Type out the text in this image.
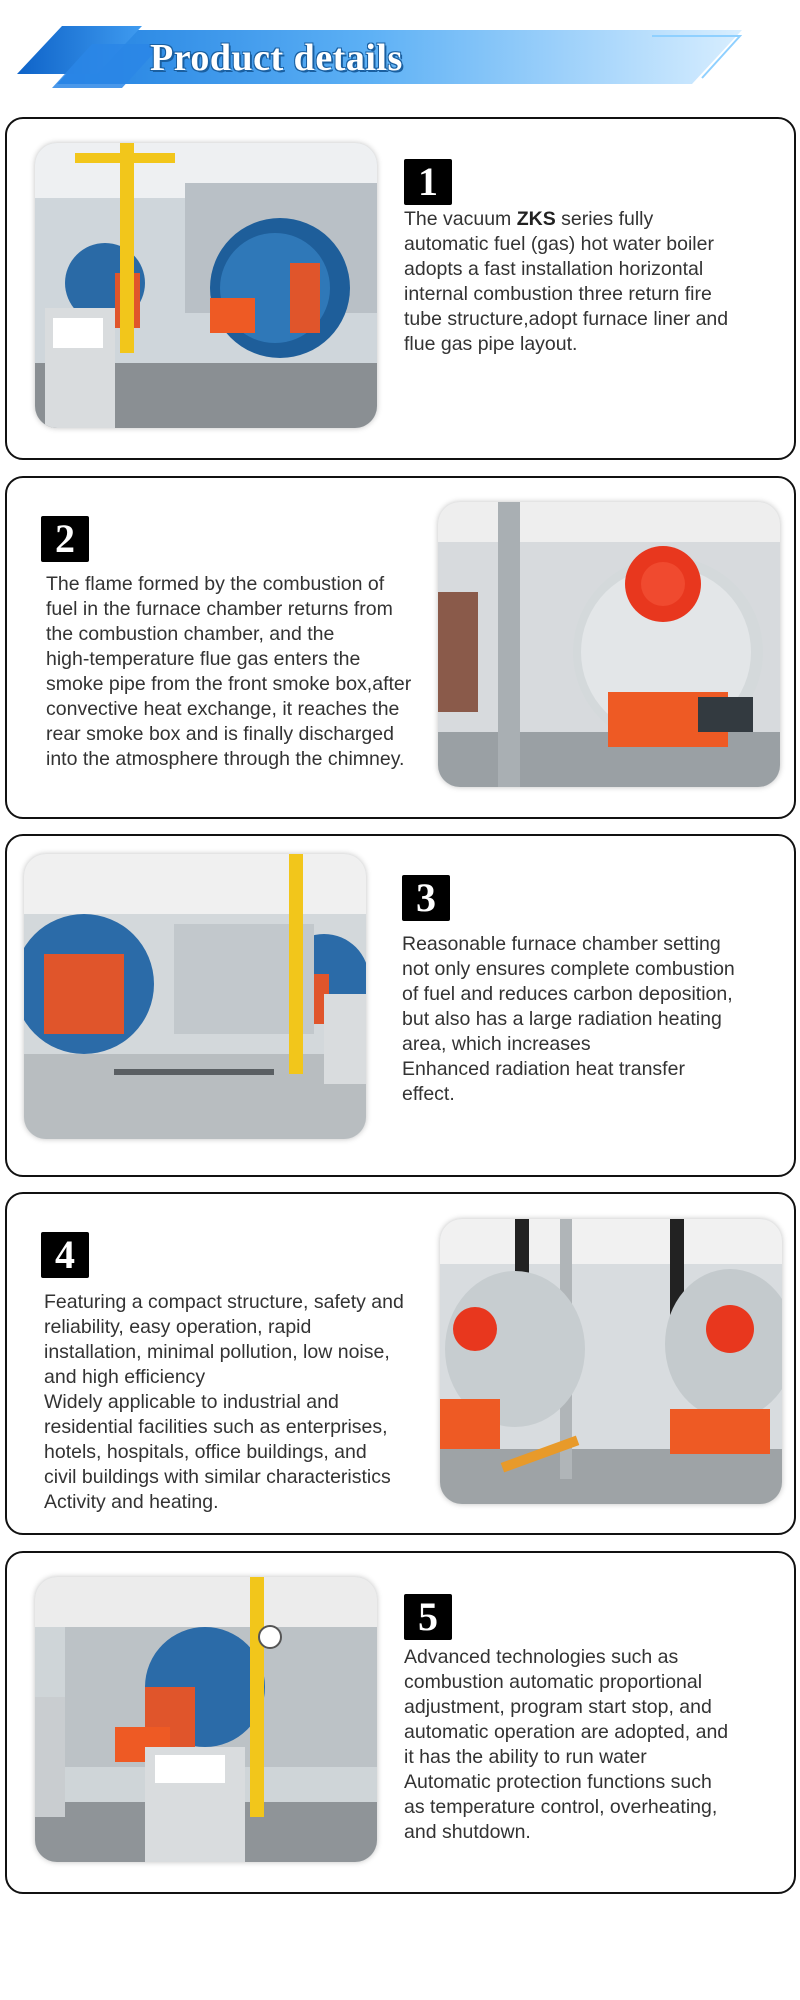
Product details
1
The vacuum ZKS series fully
automatic fuel (gas) hot water boiler
adopts a fast installation horizontal
internal combustion three return fire
tube structure,adopt furnace liner and
flue gas pipe layout.
2
The flame formed by the combustion of
fuel in the furnace chamber returns from
the combustion chamber, and the
high-temperature flue gas enters the
smoke pipe from the front smoke box,after
convective heat exchange, it reaches the
rear smoke box and is finally discharged
into the atmosphere through the chimney.
3
Reasonable furnace chamber setting
not only ensures complete combustion
of fuel and reduces carbon deposition,
but also has a large radiation heating
area, which increases
Enhanced radiation heat transfer
effect.
4
Featuring a compact structure, safety and
reliability, easy operation, rapid
installation, minimal pollution, low noise,
and high efficiency
Widely applicable to industrial and
residential facilities such as enterprises,
hotels, hospitals, office buildings, and
civil buildings with similar characteristics
Activity and heating.
5
Advanced technologies such as
combustion automatic proportional
adjustment, program start stop, and
automatic operation are adopted, and
it has the ability to run water
Automatic protection functions such
as temperature control, overheating,
and shutdown.
